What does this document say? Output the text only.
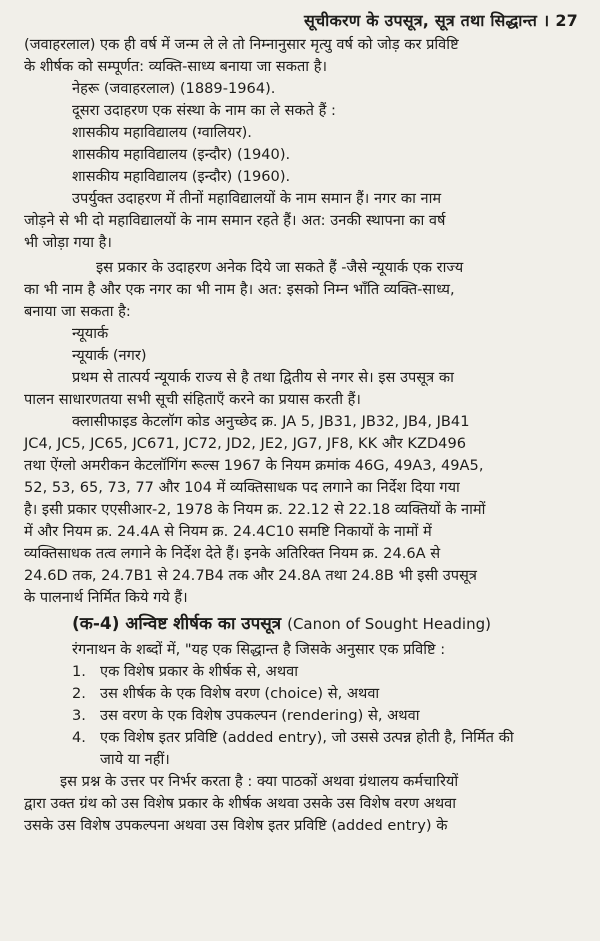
सूचीकरण के उपसूत्र, सूत्र तथा सिद्धान्त । 27

(जवाहरलाल) एक ही वर्ष में जन्म ले ले तो निम्नानुसार मृत्यु वर्ष को जोड़ कर प्रविष्टि

के शीर्षक को सम्पूर्णत: व्यक्ति-साध्य बनाया जा सकता है।

नेहरू (जवाहरलाल) (1889-1964).

दूसरा उदाहरण एक संस्था के नाम का ले सकते हैं :

शासकीय महाविद्यालय (ग्वालियर).

शासकीय महाविद्यालय (इन्दौर) (1940).

शासकीय महाविद्यालय (इन्दौर) (1960).

उपर्युक्त उदाहरण में तीनों महाविद्यालयों के नाम समान हैं। नगर का नाम

जोड़ने से भी दो महाविद्यालयों के नाम समान रहते हैं। अत: उनकी स्थापना का वर्ष

भी जोड़ा गया है।

इस प्रकार के उदाहरण अनेक दिये जा सकते हैं -जैसे न्यूयार्क एक राज्य

का भी नाम है और एक नगर का भी नाम है। अत: इसको निम्न भाँति व्यक्ति-साध्य,

बनाया जा सकता है:

न्यूयार्क

न्यूयार्क (नगर)

प्रथम से तात्पर्य न्यूयार्क राज्य से है तथा द्वितीय से नगर से। इस उपसूत्र का

पालन साधारणतया सभी सूची संहिताएँ करने का प्रयास करती हैं।

क्लासीफाइड केटलॉग कोड अनुच्छेद क्र. JA 5, JB31, JB32, JB4, JB41

JC4, JC5, JC65, JC671, JC72, JD2, JE2, JG7, JF8, KK और KZD496

तथा ऐंग्लो अमरीकन केटलॉगिंग रूल्स 1967 के नियम क्रमांक 46G, 49A3, 49A5,

52, 53, 65, 73, 77 और 104 में व्यक्तिसाधक पद लगाने का निर्देश दिया गया

है। इसी प्रकार एएसीआर-2, 1978 के नियम क्र. 22.12 से 22.18 व्यक्तियों के नामों

में और नियम क्र. 24.4A से नियम क्र. 24.4C10 समष्टि निकायों के नामों में

व्यक्तिसाधक तत्व लगाने के निर्देश देते हैं। इनके अतिरिक्त नियम क्र. 24.6A से

24.6D तक, 24.7B1 से 24.7B4 तक और 24.8A तथा 24.8B भी इसी उपसूत्र

के पालनार्थ निर्मित किये गये हैं।

(क-4) अन्विष्ट शीर्षक का उपसूत्र (Canon of Sought Heading)

रंगनाथन के शब्दों में, "यह एक सिद्धान्त है जिसके अनुसार एक प्रविष्टि :

1. एक विशेष प्रकार के शीर्षक से, अथवा
2. उस शीर्षक के एक विशेष वरण (choice) से, अथवा
3. उस वरण के एक विशेष उपकल्पन (rendering) से, अथवा
4. एक विशेष इतर प्रविष्टि (added entry), जो उससे उत्पन्न होती है, निर्मित की जाये या नहीं।

इस प्रश्न के उत्तर पर निर्भर करता है : क्या पाठकों अथवा ग्रंथालय कर्मचारियों

द्वारा उक्त ग्रंथ को उस विशेष प्रकार के शीर्षक अथवा उसके उस विशेष वरण अथवा

उसके उस विशेष उपकल्पना अथवा उस विशेष इतर प्रविष्टि (added entry) के
